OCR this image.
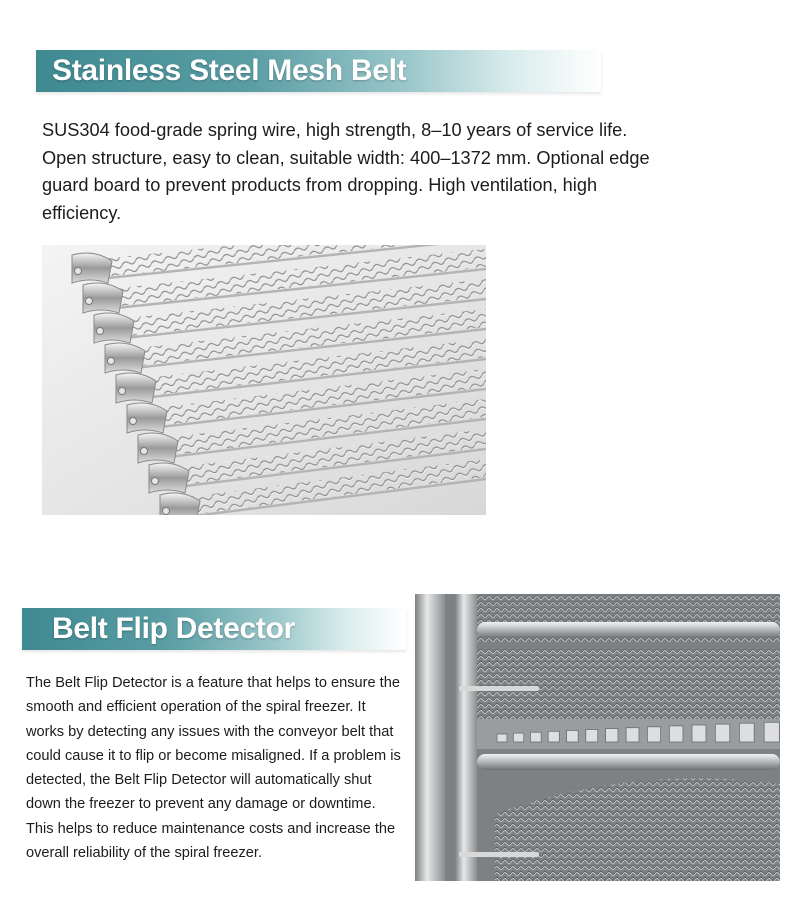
Stainless Steel Mesh Belt

SUS304 food-grade spring wire, high strength, 8–10 years of service life. Open structure, easy to clean, suitable width: 400–1372 mm. Optional edge guard board to prevent products from dropping. High ventilation, high efficiency.

Belt Flip Detector

The Belt Flip Detector is a feature that helps to ensure the smooth and efficient operation of the spiral freezer. It works by detecting any issues with the conveyor belt that could cause it to flip or become misaligned. If a problem is detected, the Belt Flip Detector will automatically shut down the freezer to prevent any damage or downtime. This helps to reduce maintenance costs and increase the overall reliability of the spiral freezer.
